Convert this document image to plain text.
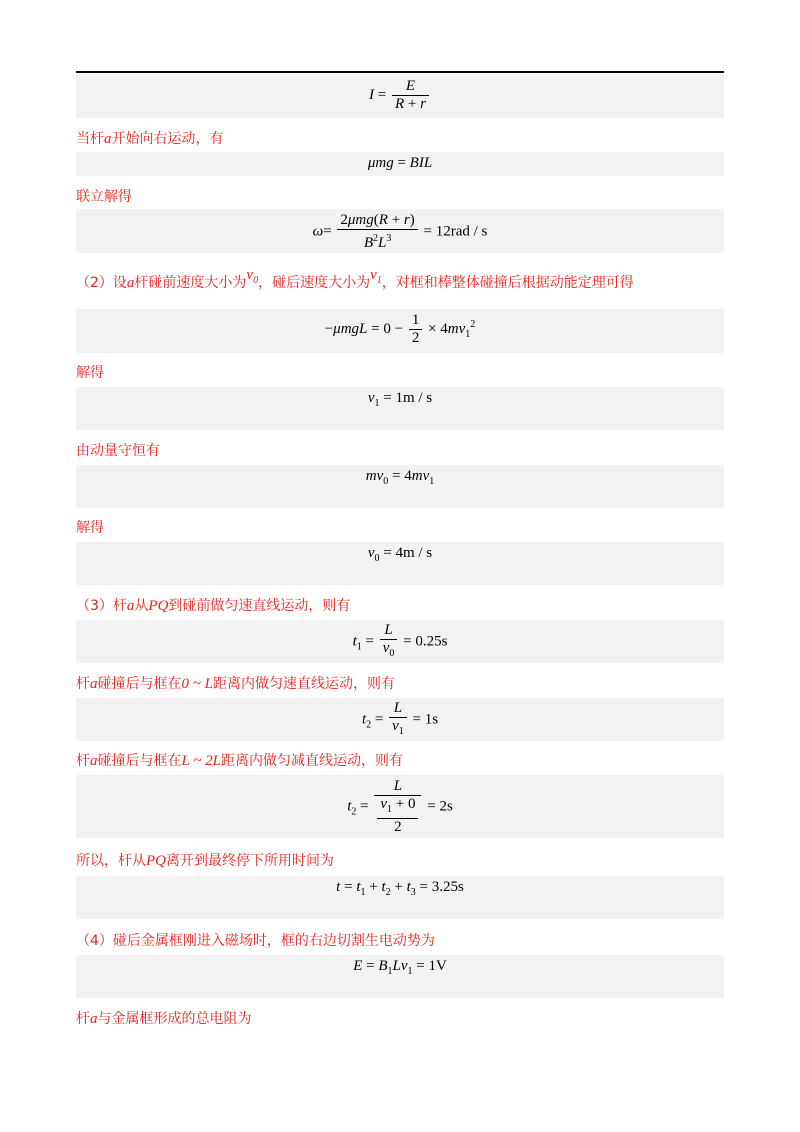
$I = \frac{E}{R + r}$
当杆a开始向右运动，有
μmg = BIL
联立解得
$\omega= \frac{\text{2μmg(R + r)}}{B^2L^3} = 12rad / s$
（2）设a杆碰前速度大小为$v_0$，碰后速度大小为$v_1$，对框和棒整体碰撞后根据动能定理可得
$-\mu mgL = 0 - \frac{1}{2} \times 4mv_1^2$
解得
$v_1 = 1m / s$
由动量守恒有
$mv_0 = 4mv_1$
解得
$v_0 = 4m / s$
（3）杆a从PQ到碰前做匀速直线运动，则有
$t_1 = \frac{L}{v_0} = 0.25s$
杆a碰撞后与框在0 ~ L距离内做匀速直线运动，则有
$t_2 = \frac{L}{v_1} = 1s$
杆a碰撞后与框在L ~ 2L距离内做匀减直线运动，则有
$t_2 = \frac{L}{\frac{v_1 + 0}{2}} = 2s$
所以，杆从PQ离开到最终停下所用时间为
$t = t_1 + t_2 + t_3 = 3.25s$
（4）碰后金属框刚进入磁场时，框的右边切割生电动势为
$E = B_1Lv_1 = 1V$
杆a与金属框形成的总电阻为
